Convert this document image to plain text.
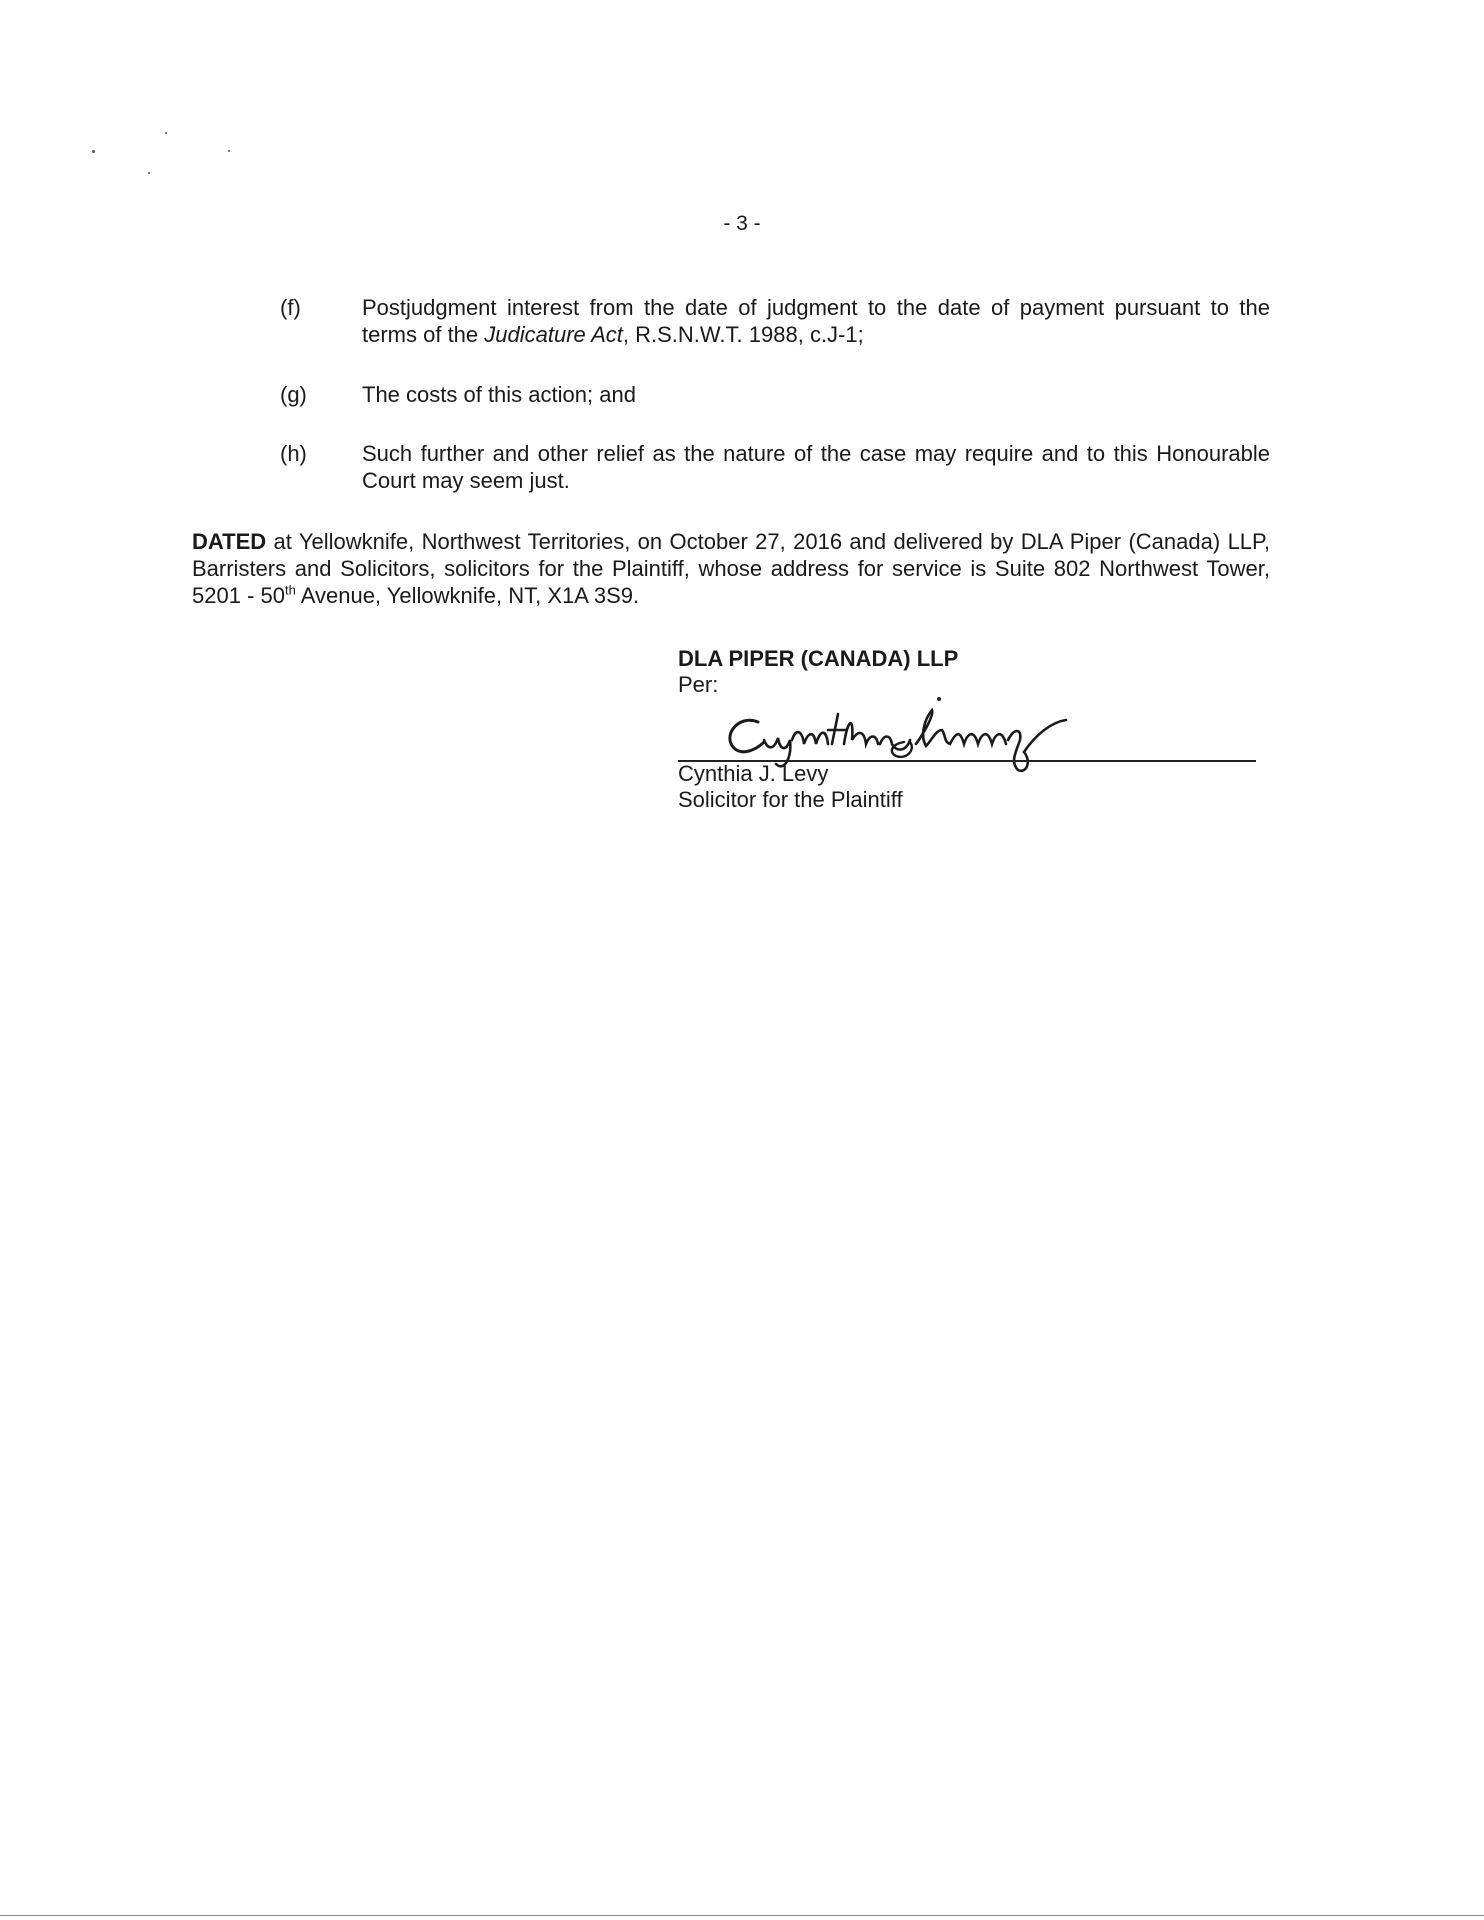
- 3 -
(f)	Postjudgment interest from the date of judgment to the date of payment pursuant to the terms of the Judicature Act, R.S.N.W.T. 1988, c.J-1;
(g)	The costs of this action; and
(h)	Such further and other relief as the nature of the case may require and to this Honourable Court may seem just.
DATED at Yellowknife, Northwest Territories, on October 27, 2016 and delivered by DLA Piper (Canada) LLP, Barristers and Solicitors, solicitors for the Plaintiff, whose address for service is Suite 802 Northwest Tower, 5201 - 50th Avenue, Yellowknife, NT, X1A 3S9.
DLA PIPER (CANADA) LLP
Per:
Cynthia J. Levy
Solicitor for the Plaintiff
